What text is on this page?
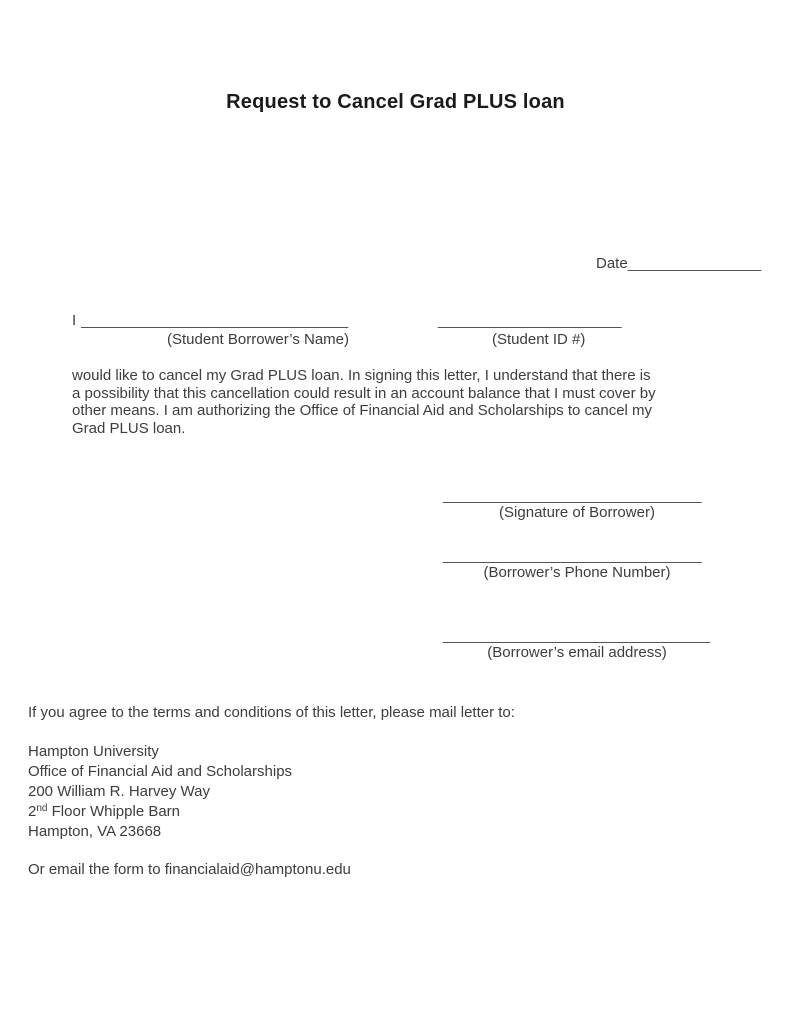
Request to Cancel Grad PLUS loan
Date________________
I ________________________________	______________________
(Student Borrower’s Name)	(Student ID #)
would like to cancel my Grad PLUS loan. In signing this letter, I understand that there is
a possibility that this cancellation could result in an account balance that I must cover by
other means. I am authorizing the Office of Financial Aid and Scholarships to cancel my
Grad PLUS loan.
_______________________________
(Signature of Borrower)
_______________________________
(Borrower’s Phone Number)
________________________________
(Borrower’s email address)
If you agree to the terms and conditions of this letter, please mail letter to:
Hampton University
Office of Financial Aid and Scholarships
200 William R. Harvey Way
2nd Floor Whipple Barn
Hampton, VA 23668
Or email the form to financialaid@hamptonu.edu
